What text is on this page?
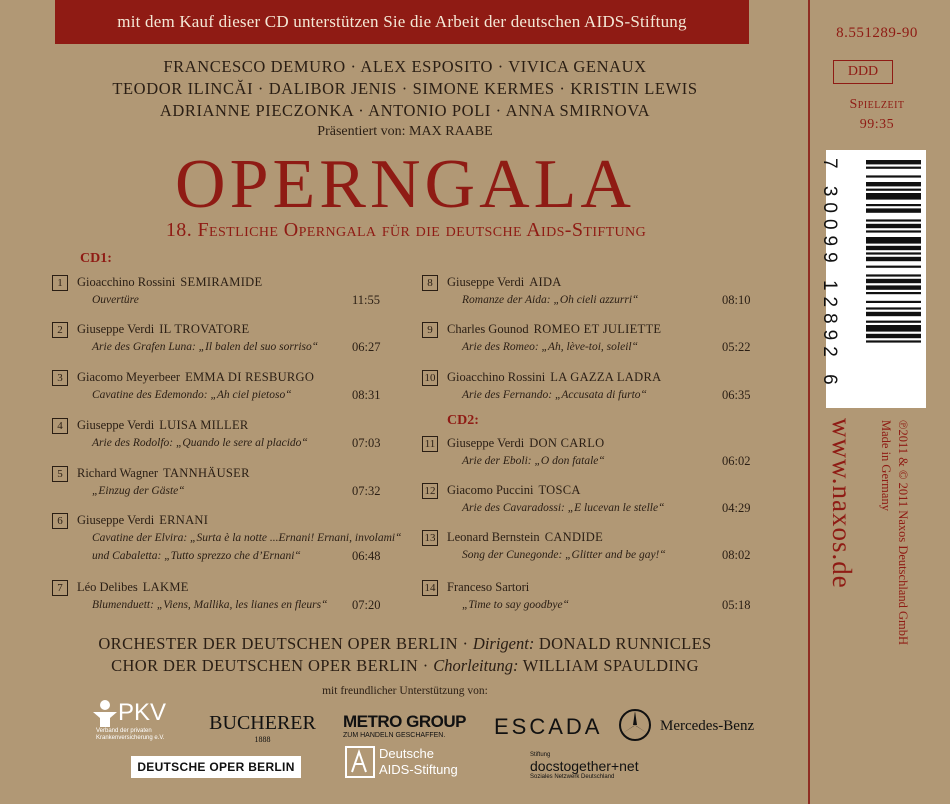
mit dem Kauf dieser CD unterstützen Sie die Arbeit der deutschen AIDS-Stiftung
FRANCESCO DEMURO · ALEX ESPOSITO · VIVICA GENAUX
TEODOR ILINCĂI · DALIBOR JENIS · SIMONE KERMES · KRISTIN LEWIS
ADRIANNE PIECZONKA · ANTONIO POLI · ANNA SMIRNOVA
Präsentiert von: MAX RAABE
OPERNGALA
18. Festliche Operngala für die deutsche Aids-Stiftung
CD1:
CD2:
1	Gioacchino Rossini SEMIRAMIDE
Ouvertüre	11:55
2	Giuseppe Verdi IL TROVATORE
Arie des Grafen Luna: „Il balen del suo sorriso“	06:27
3	Giacomo Meyerbeer EMMA DI RESBURGO
Cavatine des Edemondo: „Ah ciel pietoso“	08:31
4	Giuseppe Verdi LUISA MILLER
Arie des Rodolfo: „Quando le sere al placido“	07:03
5	Richard Wagner TANNHÄUSER
„Einzug der Gäste“	07:32
6	Giuseppe Verdi ERNANI
Cavatine der Elvira: „Surta è la notte ...Ernani! Ernani, involami“
und Cabaletta: „Tutto sprezzo che d’Ernani“	06:48
7	Léo Delibes LAKME
Blumenduett: „Viens, Mallika, les lianes en fleurs“ 07:20
8	Giuseppe Verdi AIDA
Romanze der Aida: „Oh cieli azzurri“	08:10
9	Charles Gounod ROMEO ET JULIETTE
Arie des Romeo: „Ah, lève-toi, soleil“	05:22
10 Gioacchino Rossini LA GAZZA LADRA
Arie des Fernando: „Accusata di furto“	06:35
11 Giuseppe Verdi DON CARLO
Arie der Eboli: „O don fatale“	06:02
12 Giacomo Puccini TOSCA
Arie des Cavaradossi: „E lucevan le stelle“	04:29
13 Leonard Bernstein CANDIDE
Song der Cunegonde: „Glitter and be gay!“	08:02
14 Franceso Sartori
„Time to say goodbye“	05:18
ORCHESTER DER DEUTSCHEN OPER BERLIN · Dirigent: DONALD RUNNICLES
CHOR DER DEUTSCHEN OPER BERLIN · Chorleitung: WILLIAM SPAULDING
mit freundlicher Unterstützung von:
PKV
Verband der privaten Krankenversicherung e.V.
BUCHERER
1888
METRO GROUP
ZUM HANDELN GESCHAFFEN.	ESCADA	Mercedes-Benz
DEUTSCHE OPER BERLIN
Deutsche
AIDS-Stiftung
Stiftung
docstogether+net
Soziales Netzwerk Deutschland
8.551289-90
DDD
Spielzeit
99:35
7 30099 12892 6
www.naxos.de	℗2011 & © 2011 Naxos Deutschland GmbH
Made in Germany
